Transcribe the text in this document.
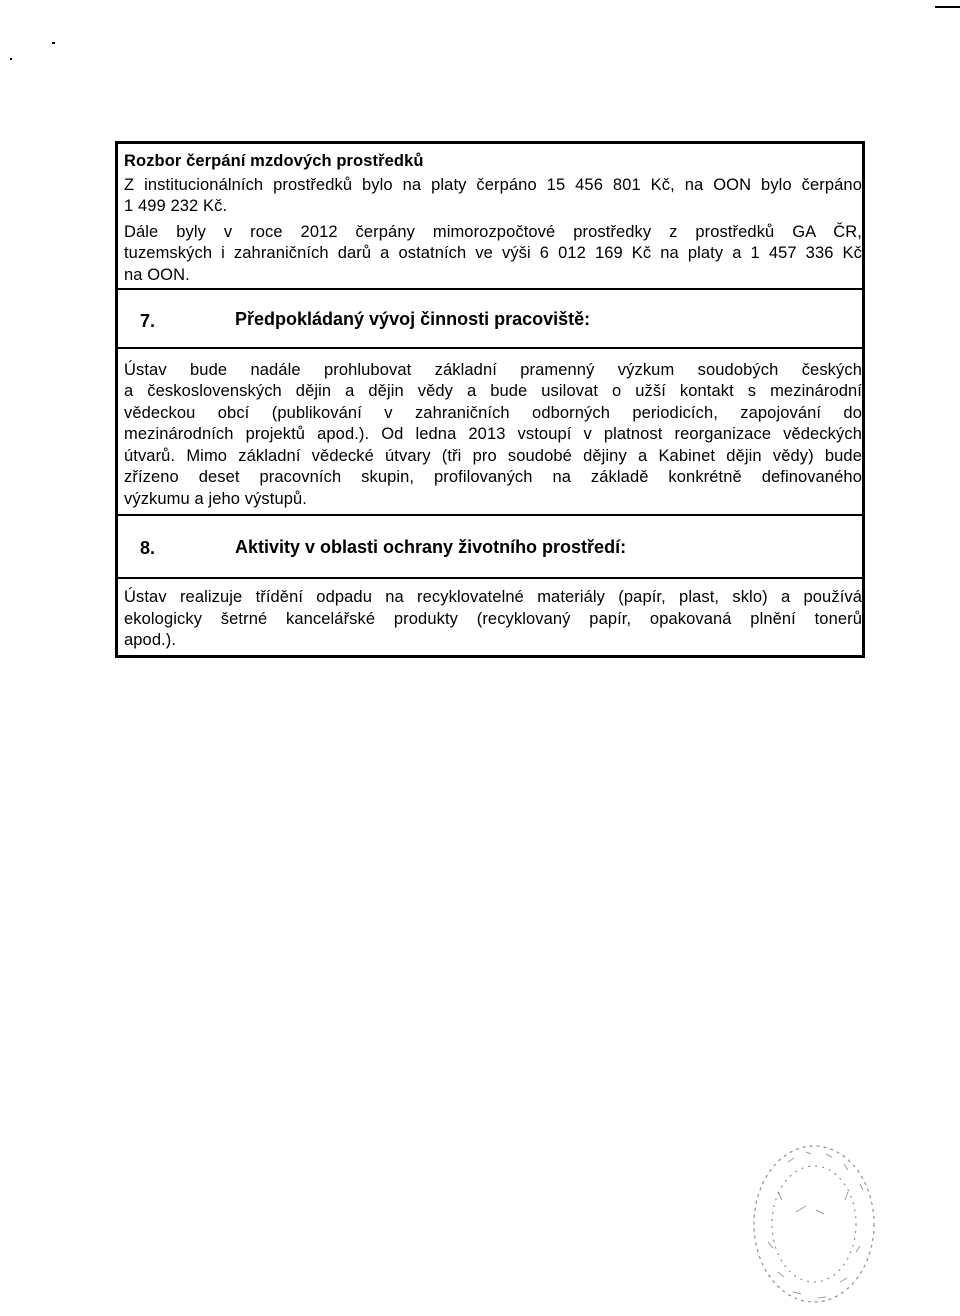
Rozbor čerpání mzdových prostředků
Z institucionálních prostředků bylo na platy čerpáno 15 456 801 Kč, na OON bylo čerpáno
1 499 232 Kč.
Dále byly v roce 2012 čerpány mimorozpočtové prostředky z prostředků GA ČR,
tuzemských i zahraničních darů a ostatních ve výši 6 012 169 Kč na platy a 1 457 336 Kč
na OON.
7.	Předpokládaný vývoj činnosti pracoviště:
Ústav bude nadále prohlubovat základní pramenný výzkum soudobých českých
a československých dějin a dějin vědy a bude usilovat o užší kontakt s mezinárodní
vědeckou obcí (publikování v zahraničních odborných periodicích, zapojování do
mezinárodních projektů apod.). Od ledna 2013 vstoupí v platnost reorganizace vědeckých
útvarů. Mimo základní vědecké útvary (tři pro soudobé dějiny a Kabinet dějin vědy) bude
zřízeno deset pracovních skupin, profilovaných na základě konkrétně definovaného
výzkumu a jeho výstupů.
8.	Aktivity v oblasti ochrany životního prostředí:
Ústav realizuje třídění odpadu na recyklovatelné materiály (papír, plast, sklo) a používá
ekologicky šetrné kancelářské produkty (recyklovaný papír, opakovaná plnění tonerů
apod.).
